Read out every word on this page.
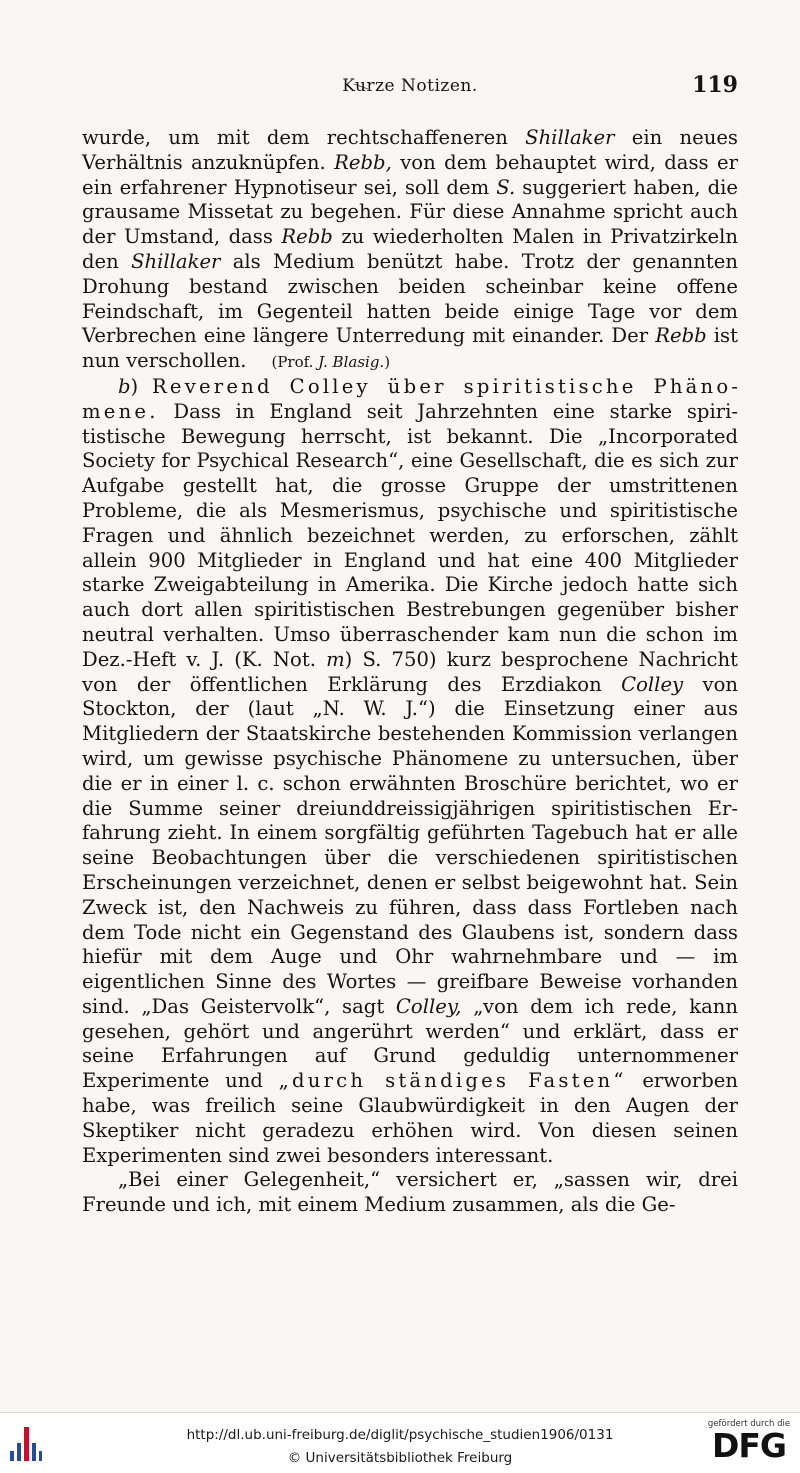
Kurze Notizen.	119

wurde, um mit dem rechtschaffeneren Shillaker ein neues Verhältnis anzuknüpfen. Rebb, von dem behauptet wird, dass er ein erfahrener Hypnotiseur sei, soll dem S. suggeriert haben, die grausame Missetat zu begehen. Für diese Annahme spricht auch der Umstand, dass Rebb zu wiederholten Malen in Privatzirkeln den Shillaker als Medium benützt habe. Trotz der genannten Drohung bestand zwischen beiden scheinbar keine offene Feindschaft, im Gegenteil hatten beide einige Tage vor dem Verbrechen eine längere Unterredung mit einander. Der Rebb ist nun verschollen. (Prof. J. Blasig.)

b) Reverend Colley über spiritistische Phänomene. Dass in England seit Jahrzehnten eine starke spiritistische Bewegung herrscht, ist bekannt. Die „Incorporated Society for Psychical Research“, eine Gesellschaft, die es sich zur Aufgabe gestellt hat, die grosse Gruppe der umstrittenen Probleme, die als Mesmerismus, psychische und spiritistische Fragen und ähnlich bezeichnet werden, zu erforschen, zählt allein 900 Mitglieder in England und hat eine 400 Mitglieder starke Zweigabteilung in Amerika. Die Kirche jedoch hatte sich auch dort allen spiritistischen Bestrebungen gegenüber bisher neutral verhalten. Umso überraschender kam nun die schon im Dez.-Heft v. J. (K. Not. m) S. 750) kurz besprochene Nachricht von der öffentlichen Erklärung des Erzdiakon Colley von Stockton, der (laut „N. W. J.“) die Einsetzung einer aus Mitgliedern der Staatskirche bestehenden Kommission verlangen wird, um gewisse psychische Phänomene zu untersuchen, über die er in einer l. c. schon erwähnten Broschüre berichtet, wo er die Summe seiner dreiunddreissigjährigen spiritistischen Erfahrung zieht. In einem sorgfältig geführten Tagebuch hat er alle seine Beobachtungen über die verschiedenen spiritistischen Erscheinungen verzeichnet, denen er selbst beigewohnt hat. Sein Zweck ist, den Nachweis zu führen, dass dass Fortleben nach dem Tode nicht ein Gegenstand des Glaubens ist, sondern dass hiefür mit dem Auge und Ohr wahrnehmbare und — im eigentlichen Sinne des Wortes — greifbare Beweise vorhanden sind. „Das Geistervolk“, sagt Colley, „von dem ich rede, kann gesehen, gehört und angerührt werden“ und erklärt, dass er seine Erfahrungen auf Grund geduldig unternommener Experimente und „durch ständiges Fasten“ erworben habe, was freilich seine Glaubwürdigkeit in den Augen der Skeptiker nicht geradezu erhöhen wird. Von diesen seinen Experimenten sind zwei besonders interessant.

„Bei einer Gelegenheit,“ versichert er, „sassen wir, drei Freunde und ich, mit einem Medium zusammen, als die Ge-

http://dl.ub.uni-freiburg.de/diglit/psychische_studien1906/0131
© Universitätsbibliothek Freiburg
gefördert durch die
DFG
